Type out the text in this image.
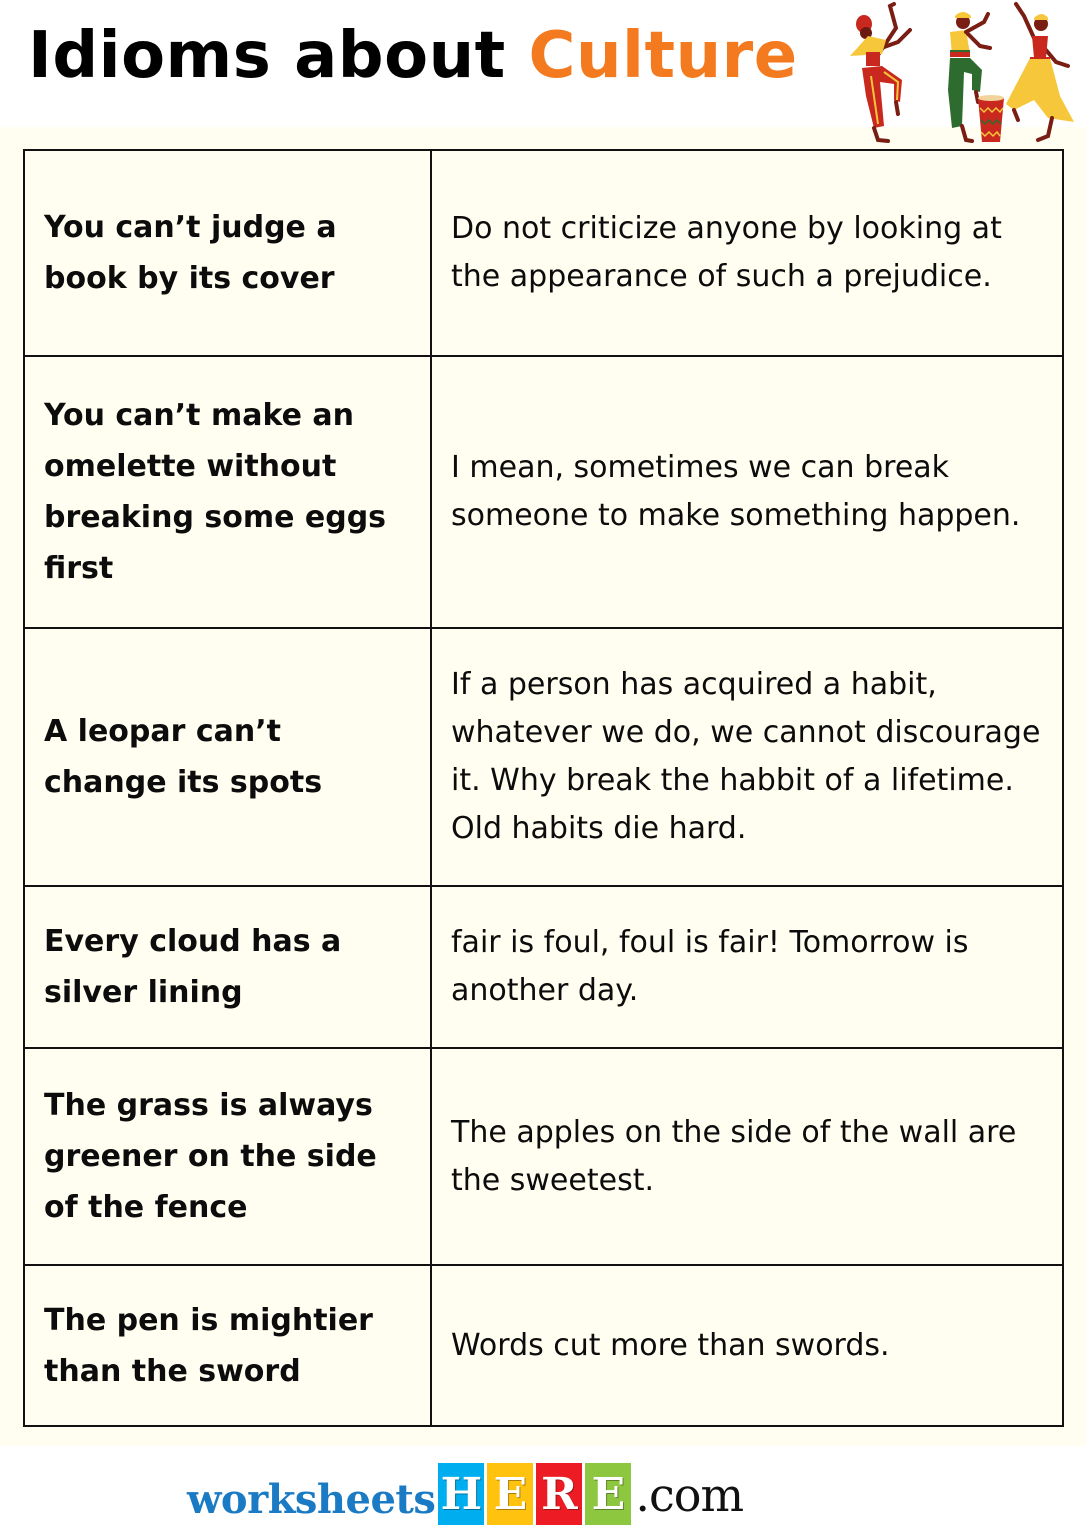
Idioms about Culture
You can’t judge a book by its cover	Do not criticize anyone by looking at the appearance of such a prejudice.
You can’t make an omelette without breaking some eggs first	I mean, sometimes we can break someone to make something happen.
A leopar can’t change its spots	If a person has acquired a habit, whatever we do, we cannot discourage it. Why break the habbit of a lifetime. Old habits die hard.
Every cloud has a silver lining	fair is foul, foul is fair! Tomorrow is another day.
The grass is always greener on the side of the fence	The apples on the side of the wall are the sweetest.
The pen is mightier than the sword	Words cut more than swords.
worksheets H E R E .com
